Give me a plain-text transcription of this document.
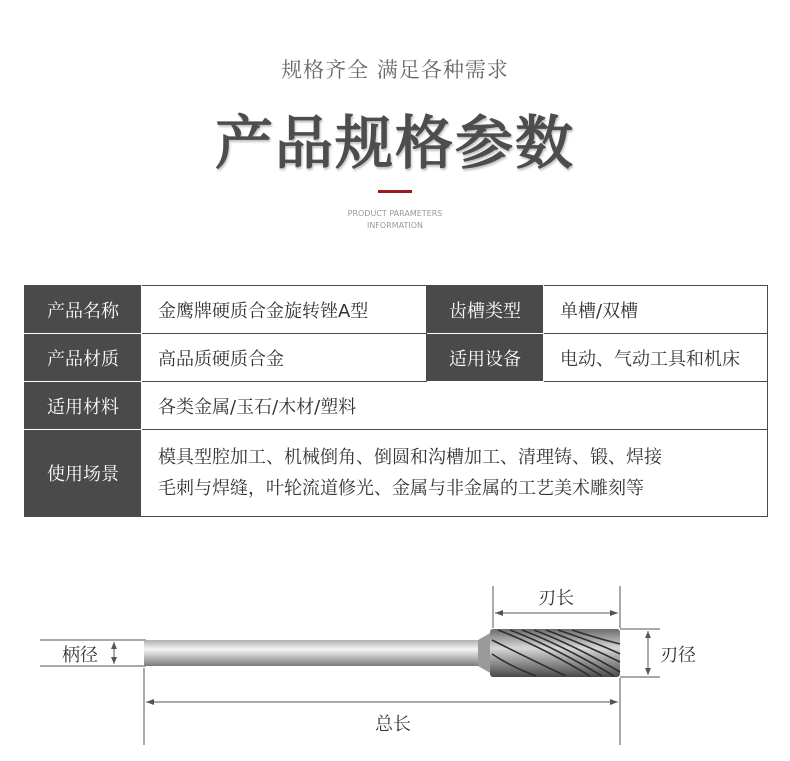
规格齐全 满足各种需求
产品规格参数
PRODUCT PARAMETERS
INFORMATION
产品名称	金鹰牌硬质合金旋转锉A型	齿槽类型	单槽/双槽
产品材质	高品质硬质合金	适用设备	电动、气动工具和机床
适用材料	各类金属/玉石/木材/塑料		
使用场景	模具型腔加工、机械倒角、倒圆和沟槽加工、清理铸、锻、焊接
毛刺与焊缝，叶轮流道修光、金属与非金属的工艺美术雕刻等		
刃长
柄径	刃径
总长
